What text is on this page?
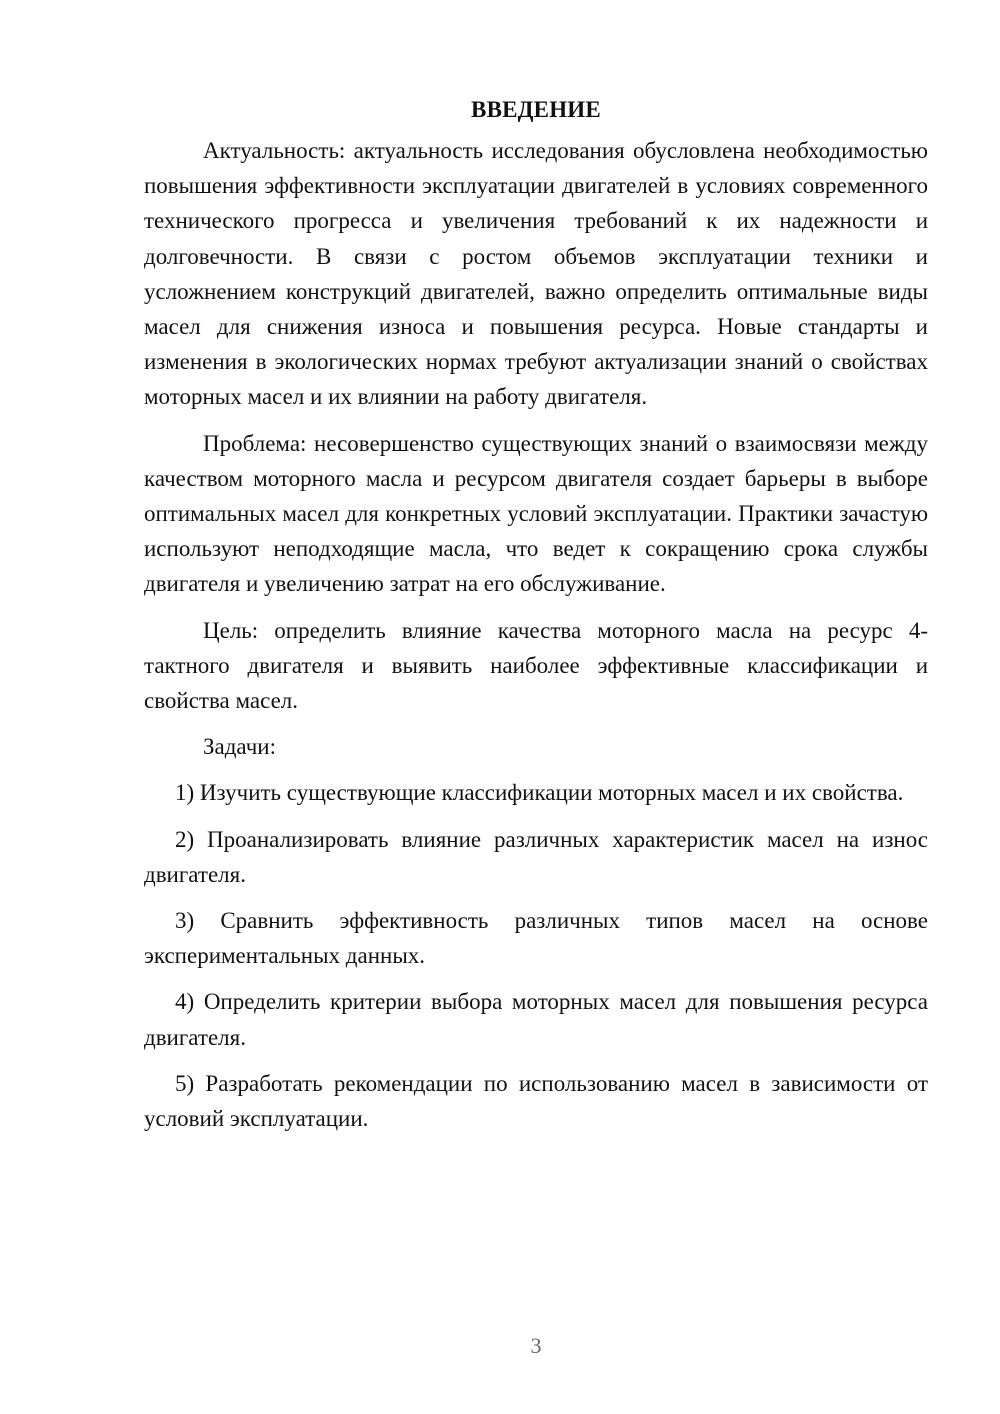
ВВЕДЕНИЕ

Актуальность: актуальность исследования обусловлена необходимостью повышения эффективности эксплуатации двигателей в условиях современного технического прогресса и увеличения требований к их надежности и долговечности. В связи с ростом объемов эксплуатации техники и усложнением конструкций двигателей, важно определить оптимальные виды масел для снижения износа и повышения ресурса. Новые стандарты и изменения в экологических нормах требуют актуализации знаний о свойствах моторных масел и их влиянии на работу двигателя.

Проблема: несовершенство существующих знаний о взаимосвязи между качеством моторного масла и ресурсом двигателя создает барьеры в выборе оптимальных масел для конкретных условий эксплуатации. Практики зачастую используют неподходящие масла, что ведет к сокращению срока службы двигателя и увеличению затрат на его обслуживание.

Цель: определить влияние качества моторного масла на ресурс 4-тактного двигателя и выявить наиболее эффективные классификации и свойства масел.

Задачи:

1) Изучить существующие классификации моторных масел и их свойства.

2) Проанализировать влияние различных характеристик масел на износ двигателя.

3) Сравнить эффективность различных типов масел на основе экспериментальных данных.

4) Определить критерии выбора моторных масел для повышения ресурса двигателя.

5) Разработать рекомендации по использованию масел в зависимости от условий эксплуатации.

3
